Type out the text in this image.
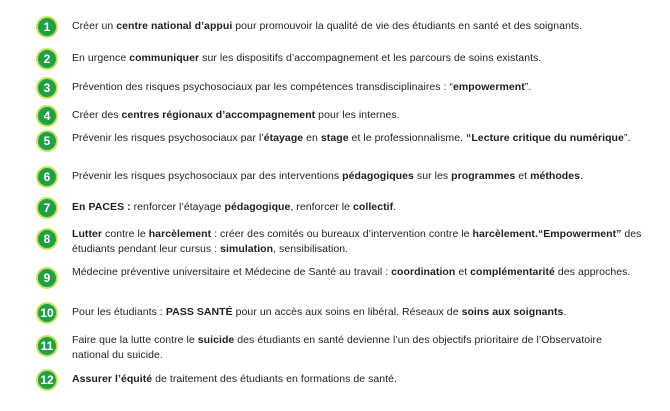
1	Créer un centre national d’appui pour promouvoir la qualité de vie des étudiants en santé et des soignants.
2	En urgence communiquer sur les dispositifs d’accompagnement et les parcours de soins existants.
3	Prévention des risques psychosociaux par les compétences transdisciplinaires : “empowerment”.
4	Créer des centres régionaux d’accompagnement pour les internes.
5	Prévenir les risques psychosociaux par l’étayage en stage et le professionnalisme. “Lecture critique du numérique”.
6	Prévenir les risques psychosociaux par des interventions pédagogiques sur les programmes et méthodes.
7	En PACES : renforcer l’étayage pédagogique, renforcer le collectif.
8	Lutter contre le harcèlement : créer des comités ou bureaux d’intervention contre le harcèlement.“Empowerment” des étudiants pendant leur cursus : simulation, sensibilisation.
9	Médecine préventive universitaire et Médecine de Santé au travail : coordination et complémentarité des approches.
10	Pour les étudiants : PASS SANTÉ pour un accès aux soins en libéral. Réseaux de soins aux soignants.
11	Faire que la lutte contre le suicide des étudiants en santé devienne l’un des objectifs prioritaire de l’Observatoire national du suicide.
12	Assurer l’équité de traitement des étudiants en formations de santé.
